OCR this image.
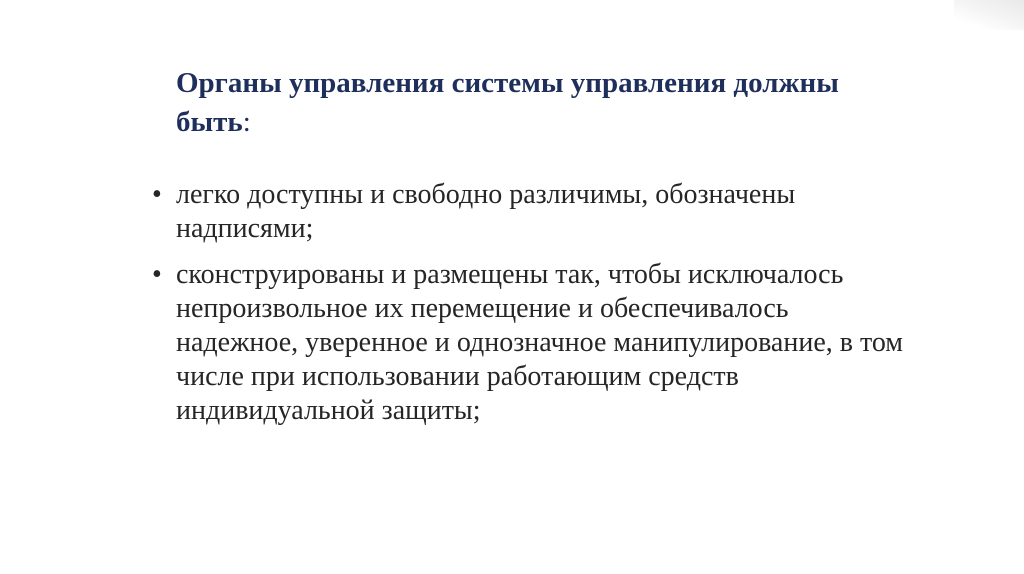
Органы управления системы управления должны быть:
• легко доступны и свободно различимы, обозначены надписями;
• сконструированы и размещены так, чтобы исключалось непроизвольное их перемещение и обеспечивалось надежное, уверенное и однозначное манипулирование, в том числе при использовании работающим средств индивидуальной защиты;
